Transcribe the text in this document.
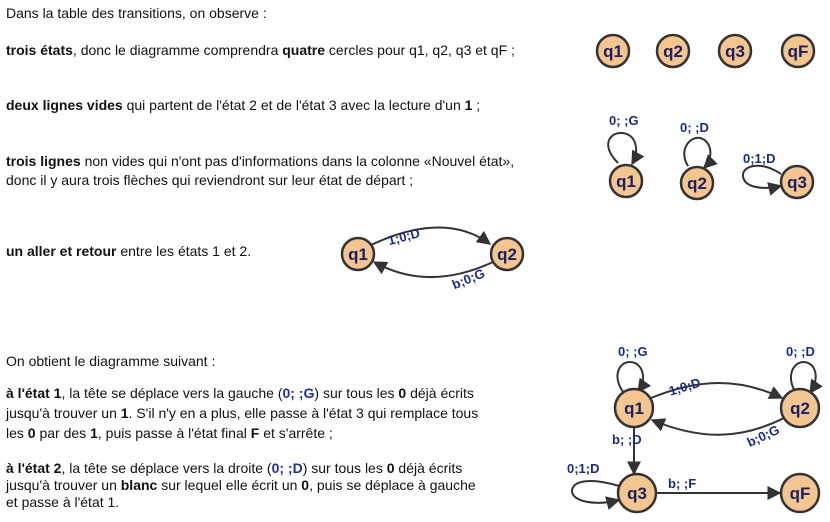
Dans la table des transitions, on observe :
trois états, donc le diagramme comprendra quatre cercles pour q1, q2, q3 et qF ;
deux lignes vides qui partent de l'état 2 et de l'état 3 avec la lecture d'un 1 ;
trois lignes non vides qui n'ont pas d'informations dans la colonne «Nouvel état»,
donc il y aura trois flèches qui reviendront sur leur état de départ ;
un aller et retour entre les états 1 et 2.
On obtient le diagramme suivant :
à l'état 1, la tête se déplace vers la gauche (0; ;G) sur tous les 0 déjà écrits
jusqu'à trouver un 1. S'il n'y en a plus, elle passe à l'état 3 qui remplace tous
les 0 par des 1, puis passe à l'état final F et s'arrête ;
à l'état 2, la tête se déplace vers la droite (0; ;D) sur tous les 0 déjà écrits
jusqu'à trouver un blanc sur lequel elle écrit un 0, puis se déplace à gauche
et passe à l'état 1.
q1 q2 q3	qF
0; ;G
q1
0; ;D
q2
0;1;D
q3
1;0;D
b;0;G
q1	q2
0; ;G	0; ;D
1;0;D
b;0;G
b; ;D
0;1;D
b; ;F
q1	q2
q3	qF
